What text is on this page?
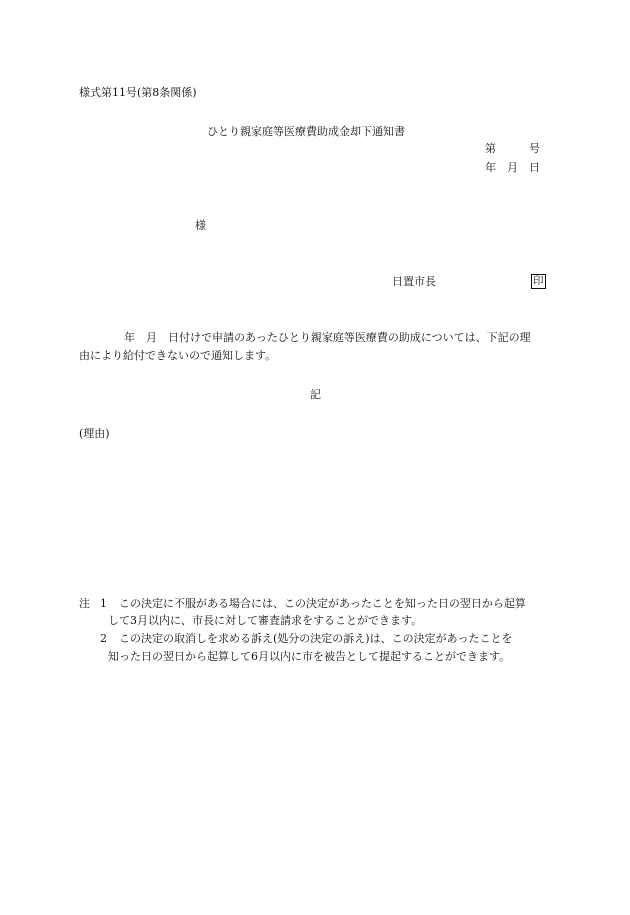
様式第11号(第8条関係)
ひとり親家庭等医療費助成金却下通知書
第　　　号
年　月　日
様
日置市長	印
年　月　日付けで申請のあったひとり親家庭等医療費の助成については、下記の理
由により給付できないので通知します。
記
(理由)
注 1 この決定に不服がある場合には、この決定があったことを知った日の翌日から起算
して3月以内に、市長に対して審査請求をすることができます。
2 この決定の取消しを求める訴え(処分の決定の訴え)は、この決定があったことを
知った日の翌日から起算して6月以内に市を被告として提起することができます。
